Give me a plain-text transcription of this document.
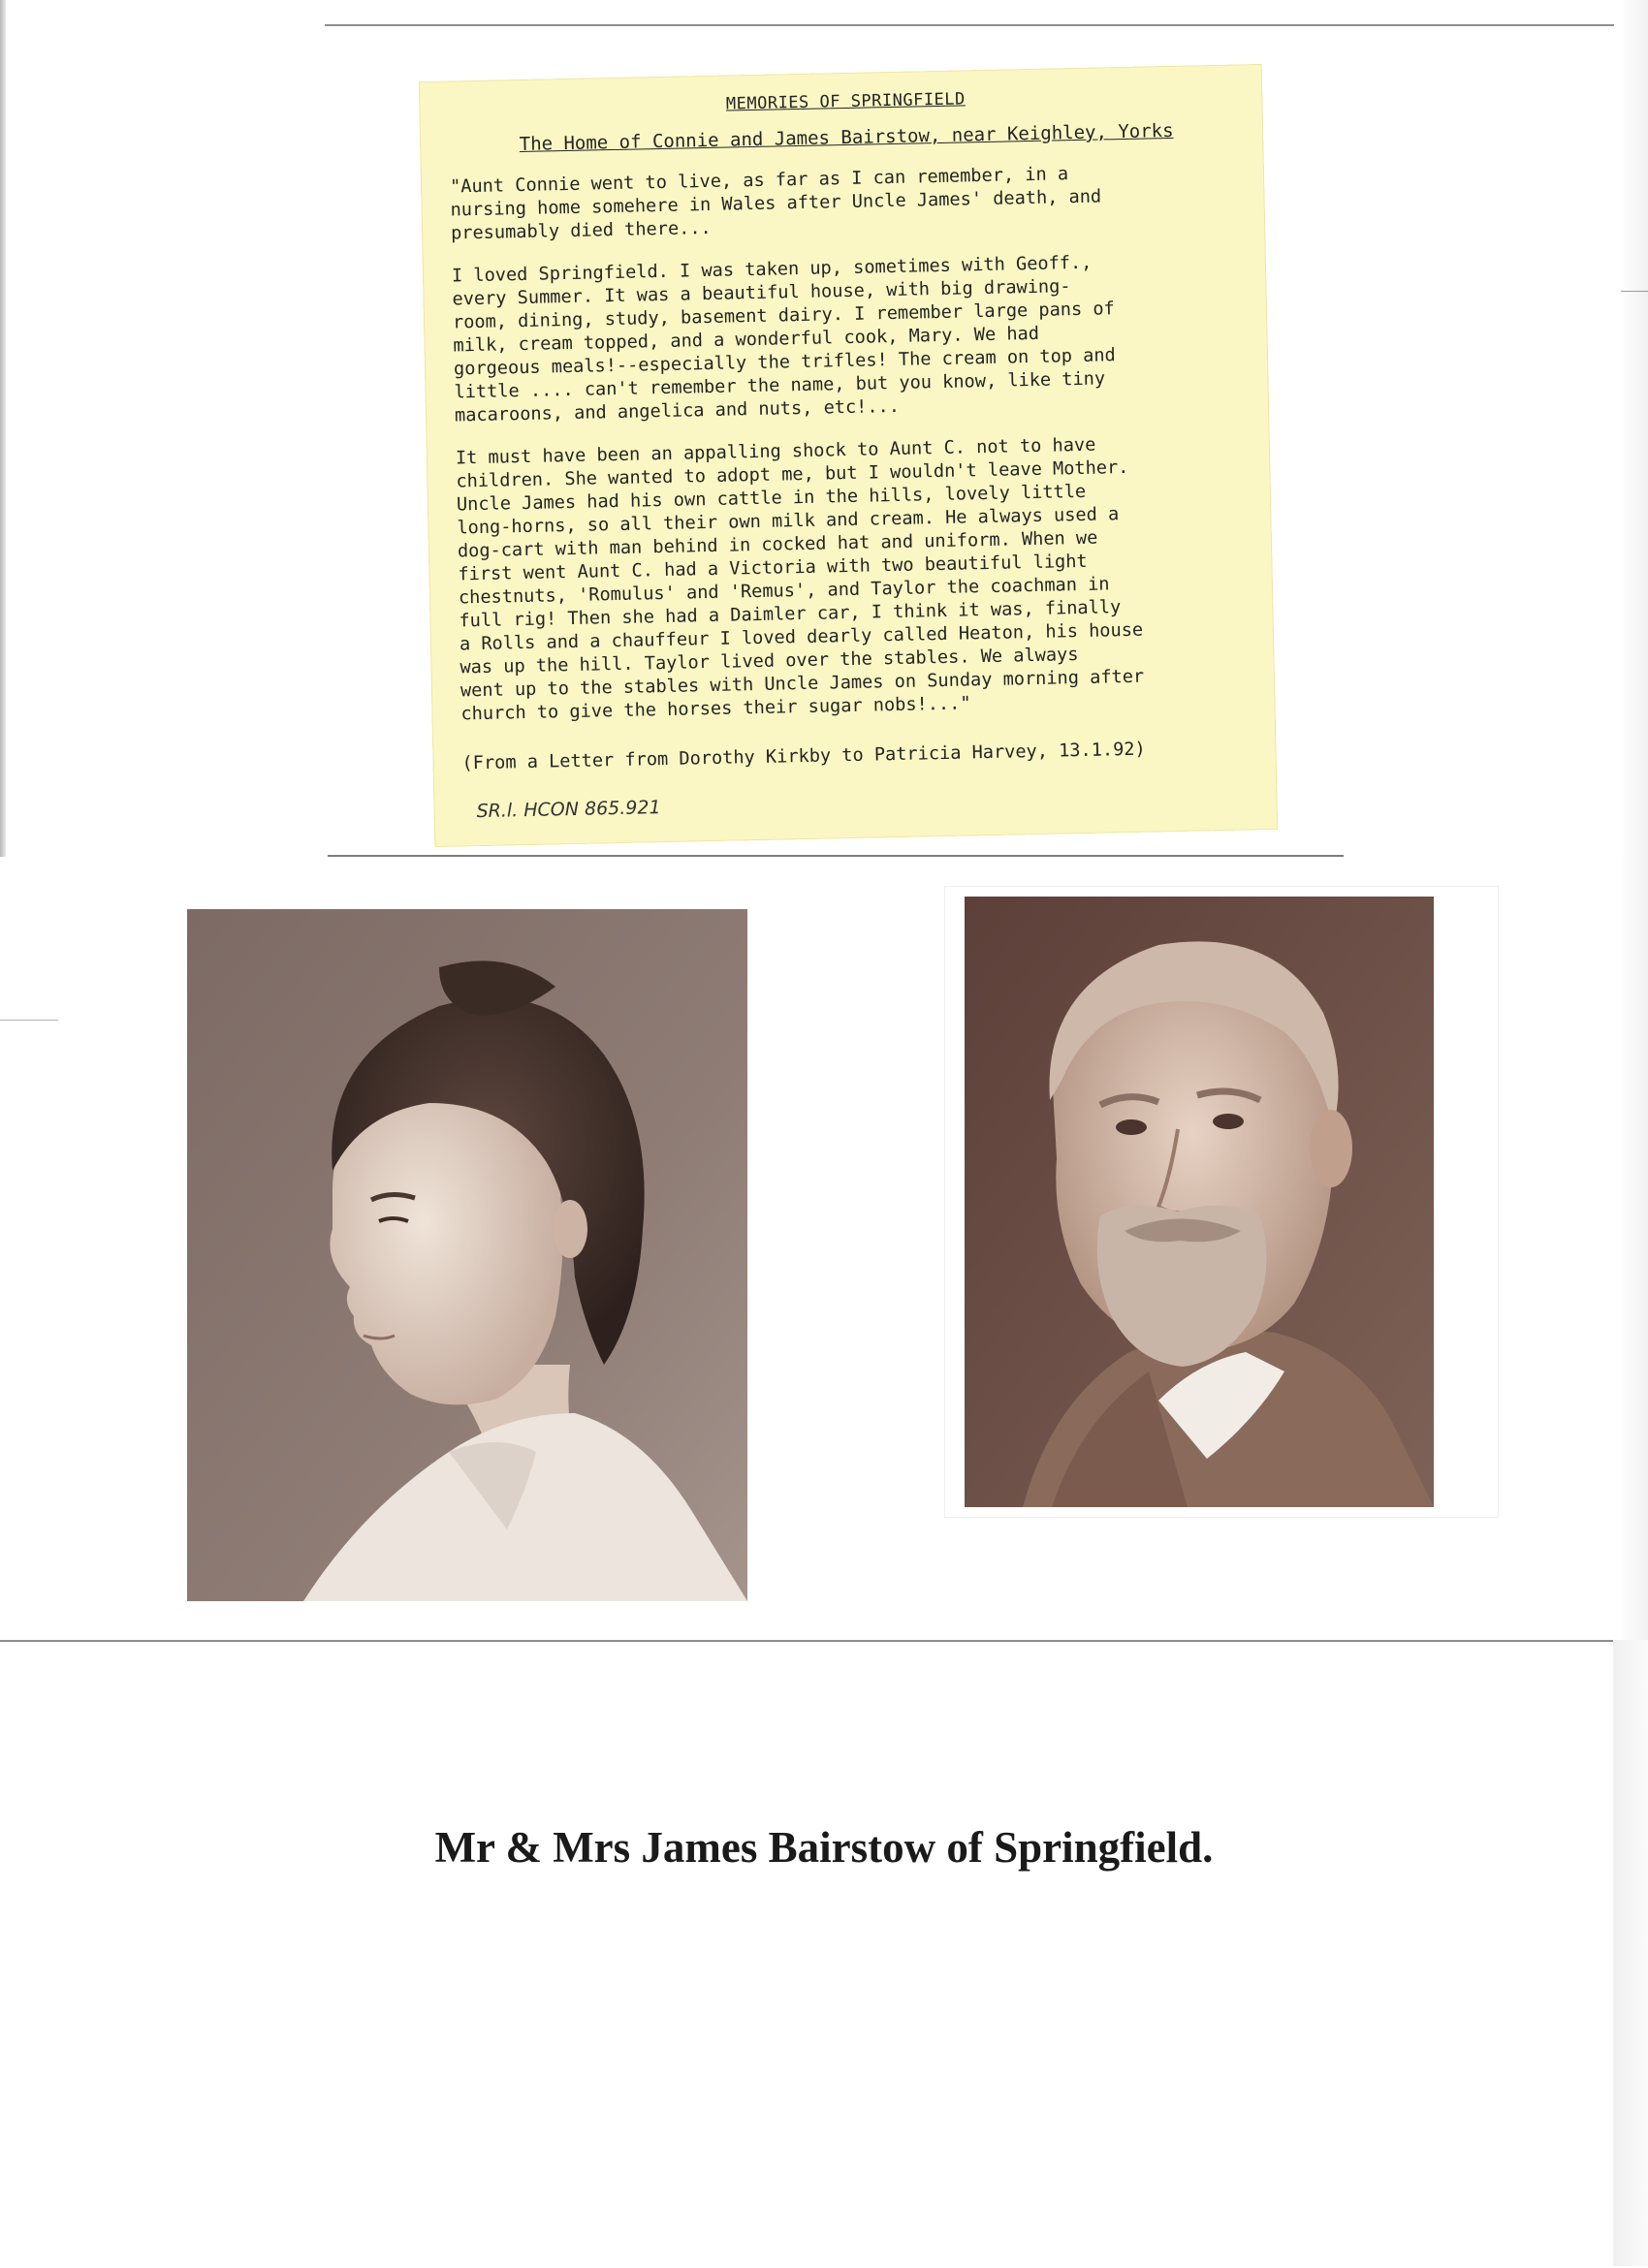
MEMORIES OF SPRINGFIELD
The Home of Connie and James Bairstow, near Keighley, Yorks
"Aunt Connie went to live, as far as I can remember, in a
nursing home somehere in Wales after Uncle James' death, and
presumably died there...
I loved Springfield. I was taken up, sometimes with Geoff.,
every Summer. It was a beautiful house, with big drawing-
room, dining, study, basement dairy. I remember large pans of
milk, cream topped, and a wonderful cook, Mary. We had
gorgeous meals!--especially the trifles! The cream on top and
little .... can't remember the name, but you know, like tiny
macaroons, and angelica and nuts, etc!...
It must have been an appalling shock to Aunt C. not to have
children. She wanted to adopt me, but I wouldn't leave Mother.
Uncle James had his own cattle in the hills, lovely little
long-horns, so all their own milk and cream. He always used a
dog-cart with man behind in cocked hat and uniform. When we
first went Aunt C. had a Victoria with two beautiful light
chestnuts, 'Romulus' and 'Remus', and Taylor the coachman in
full rig! Then she had a Daimler car, I think it was, finally
a Rolls and a chauffeur I loved dearly called Heaton, his house
was up the hill. Taylor lived over the stables. We always
went up to the stables with Uncle James on Sunday morning after
church to give the horses their sugar nobs!..."
(From a Letter from Dorothy Kirkby to Patricia Harvey, 13.1.92)
SR.l. HCON 865.921
Mr & Mrs James Bairstow of Springfield.
